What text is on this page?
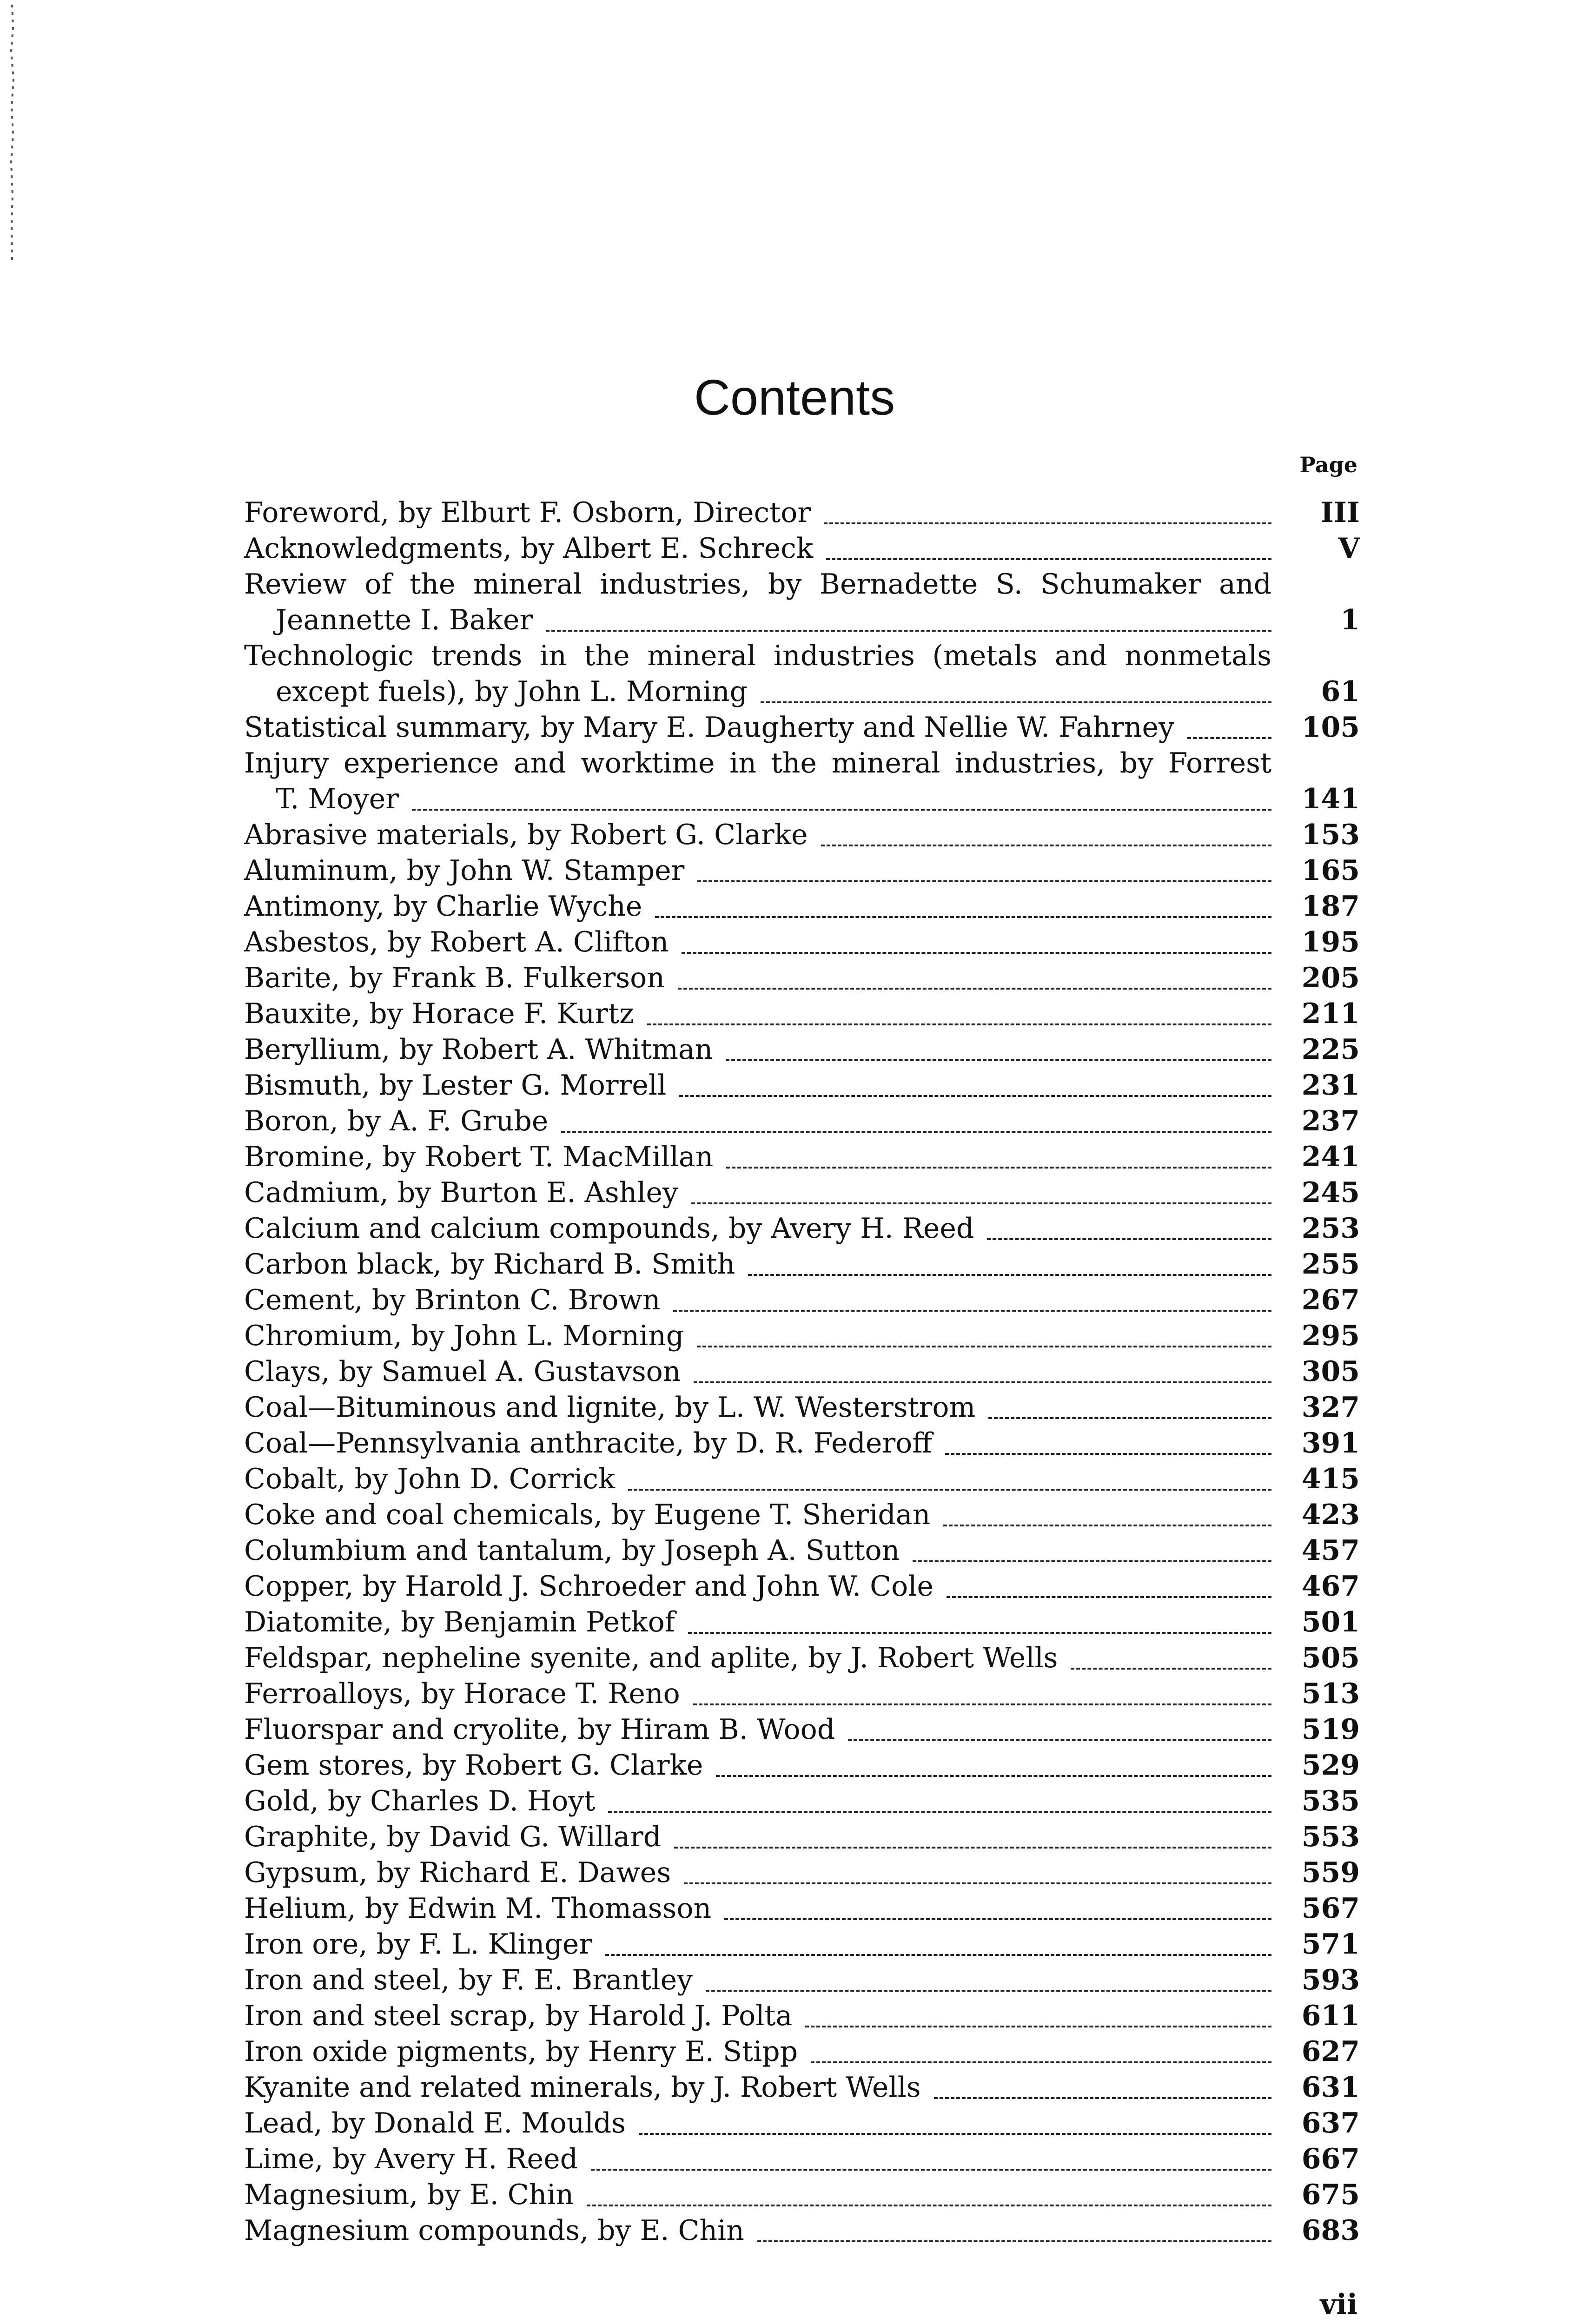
Contents
Page
Foreword, by Elburt F. Osborn, Director	III
Acknowledgments, by Albert E. Schreck	V
Review of the mineral industries, by Bernadette S. Schumaker and
Jeannette I. Baker	1
Technologic trends in the mineral industries (metals and nonmetals
except fuels), by John L. Morning	61
Statistical summary, by Mary E. Daugherty and Nellie W. Fahrney	105
Injury experience and worktime in the mineral industries, by Forrest
T. Moyer	141
Abrasive materials, by Robert G. Clarke	153
Aluminum, by John W. Stamper	165
Antimony, by Charlie Wyche	187
Asbestos, by Robert A. Clifton	195
Barite, by Frank B. Fulkerson	205
Bauxite, by Horace F. Kurtz	211
Beryllium, by Robert A. Whitman	225
Bismuth, by Lester G. Morrell	231
Boron, by A. F. Grube	237
Bromine, by Robert T. MacMillan	241
Cadmium, by Burton E. Ashley	245
Calcium and calcium compounds, by Avery H. Reed	253
Carbon black, by Richard B. Smith	255
Cement, by Brinton C. Brown	267
Chromium, by John L. Morning	295
Clays, by Samuel A. Gustavson	305
Coal—Bituminous and lignite, by L. W. Westerstrom	327
Coal—Pennsylvania anthracite, by D. R. Federoff	391
Cobalt, by John D. Corrick	415
Coke and coal chemicals, by Eugene T. Sheridan	423
Columbium and tantalum, by Joseph A. Sutton	457
Copper, by Harold J. Schroeder and John W. Cole	467
Diatomite, by Benjamin Petkof	501
Feldspar, nepheline syenite, and aplite, by J. Robert Wells	505
Ferroalloys, by Horace T. Reno	513
Fluorspar and cryolite, by Hiram B. Wood	519
Gem stores, by Robert G. Clarke	529
Gold, by Charles D. Hoyt	535
Graphite, by David G. Willard	553
Gypsum, by Richard E. Dawes	559
Helium, by Edwin M. Thomasson	567
Iron ore, by F. L. Klinger	571
Iron and steel, by F. E. Brantley	593
Iron and steel scrap, by Harold J. Polta	611
Iron oxide pigments, by Henry E. Stipp	627
Kyanite and related minerals, by J. Robert Wells	631
Lead, by Donald E. Moulds	637
Lime, by Avery H. Reed	667
Magnesium, by E. Chin	675
Magnesium compounds, by E. Chin	683
vii
